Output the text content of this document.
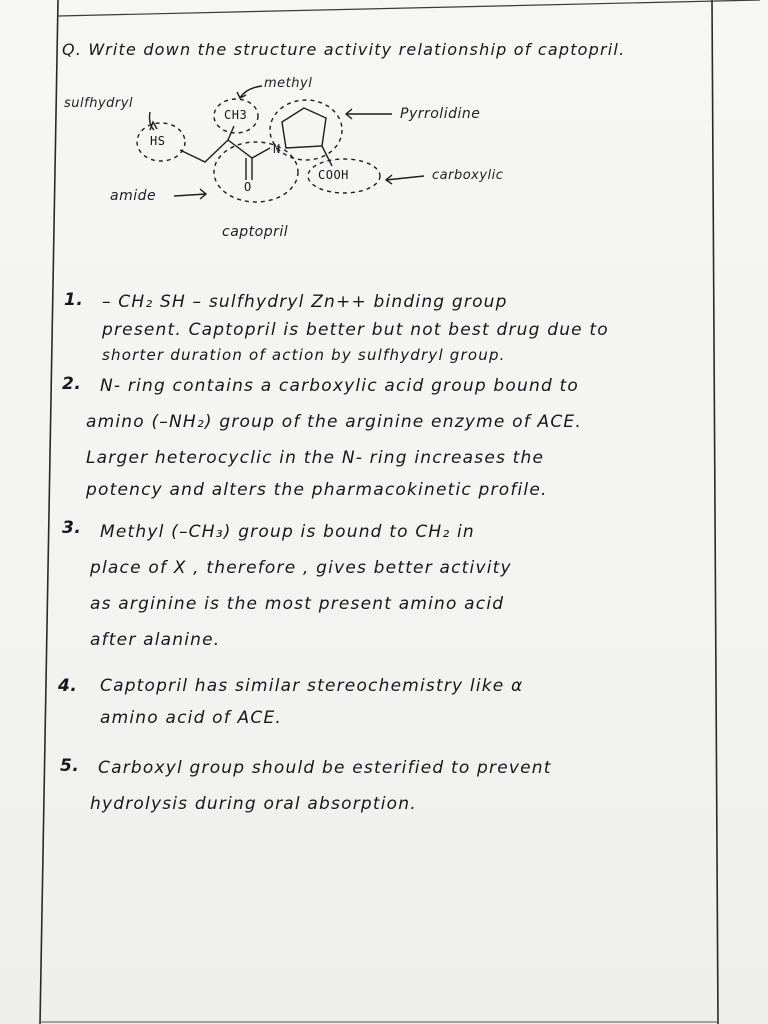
Q. Write down the structure activity relationship of captopril.
methyl
sulfhydryl
Pyrrolidine
carboxylic
amide
captopril
HS
CH3
COOH
N
O
1. – CH₂ SH – sulfhydryl Zn++ binding group
present. Captopril is better but not best drug due to
shorter duration of action by sulfhydryl group.
2. N- ring contains a carboxylic acid group bound to
amino (–NH₂) group of the arginine enzyme of ACE.
Larger heterocyclic in the N- ring increases the
potency and alters the pharmacokinetic profile.
3. Methyl (–CH₃) group is bound to CH₂ in
place of X , therefore , gives better activity
as arginine is the most present amino acid
after alanine.
4. Captopril has similar stereochemistry like α
amino acid of ACE.
5. Carboxyl group should be esterified to prevent
hydrolysis during oral absorption.
